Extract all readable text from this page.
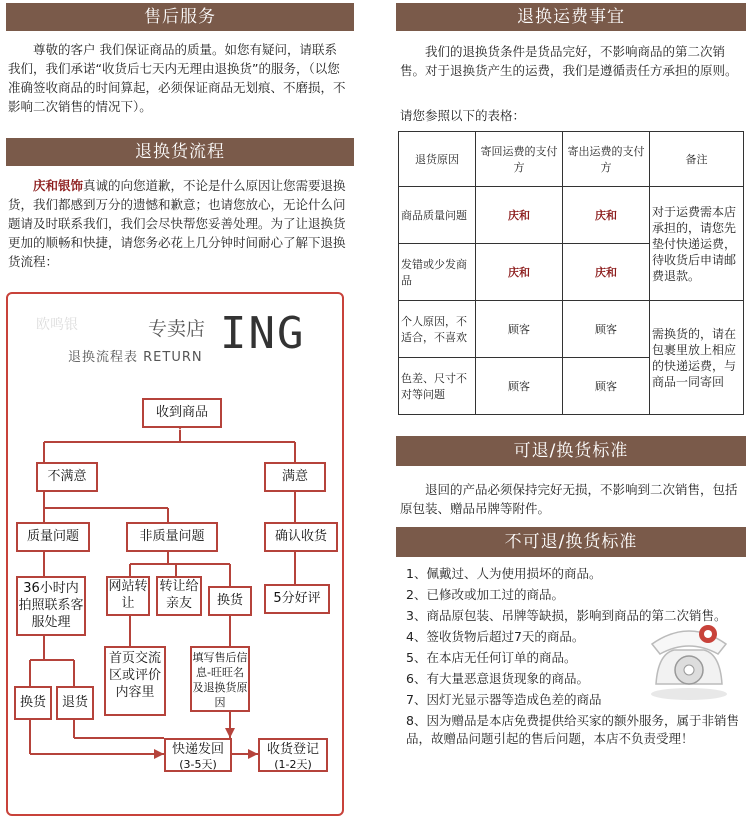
售后服务
尊敬的客户 我们保证商品的质量。如您有疑问，请联系我们，我们承诺“收货后七天内无理由退换货”的服务，（以您准确签收商品的时间算起，必须保证商品无划痕、不磨损，不影响二次销售的情况下）。
退换货流程
庆和银饰真诚的向您道歉，不论是什么原因让您需要退换货，我们都感到万分的遗憾和歉意；也请您放心，无论什么问题请及时联系我们，我们会尽快帮您妥善处理。为了让退换货更加的顺畅和快捷，请您务必花上几分钟时间耐心了解下退换货流程：
欧鸣银	专卖店 ING
退换流程表 RETURN
收到商品
不满意	满意
质量问题	非质量问题	确认收货
36小时内拍照联系客服处理
网站转让
转让给亲友	换货	5分好评
换货	退货
首页交流区或评价内容里
填写售后信息-旺旺名及退换货原因
快递发回
(3-5天)
收货登记
(1-2天)
退换运费事宜
我们的退换货条件是货品完好，不影响商品的第二次销售。对于退换货产生的运费，我们是遵循责任方承担的原则。
请您参照以下的表格：
退货原因	寄回运费的支付方	寄出运费的支付方	备注
商品质量问题	庆和	庆和	对于运费需本店承担的，请您先垫付快递运费，待收货后申请邮费退款。
发错或少发商品	庆和	庆和	
个人原因，不适合，不喜欢	顾客	顾客	需换货的，请在包裹里放上相应的快递运费，与商品一同寄回
色差、尺寸不对等问题	顾客	顾客	
可退/换货标准
退回的产品必须保持完好无损，不影响到二次销售，包括原包装、赠品吊牌等附件。
不可退/换货标准
1、佩戴过、人为使用损坏的商品。
2、已修改或加工过的商品。
3、商品原包装、吊牌等缺损，影响到商品的第二次销售。
4、签收货物后超过7天的商品。
5、在本店无任何订单的商品。
6、有大量恶意退货现象的商品。
7、因灯光显示器等造成色差的商品
8、因为赠品是本店免费提供给买家的额外服务，属于非销售品，故赠品问题引起的售后问题，本店不负责受理！
